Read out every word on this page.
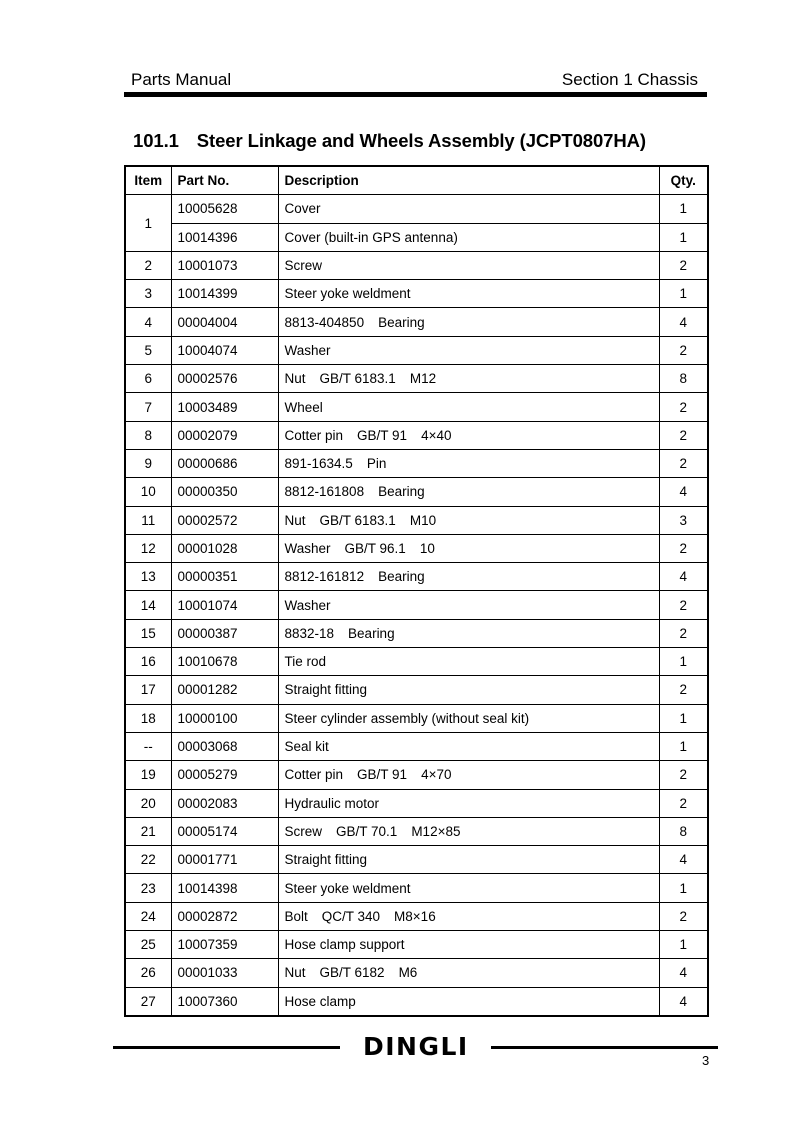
Parts Manual	Section 1 Chassis
101.1 Steer Linkage and Wheels Assembly (JCPT0807HA)
Item	Part No.	Description	Qty.
1	10005628	Cover	1
	10014396	Cover (built-in GPS antenna)	1
2	10001073	Screw	2
3	10014399	Steer yoke weldment	1
4	00004004	8813-404850 Bearing	4
5	10004074	Washer	2
6	00002576	Nut GB/T 6183.1 M12	8
7	10003489	Wheel	2
8	00002079	Cotter pin GB/T 91 4×40	2
9	00000686	891-1634.5 Pin	2
10	00000350	8812-161808 Bearing	4
11	00002572	Nut GB/T 6183.1 M10	3
12	00001028	Washer GB/T 96.1 10	2
13	00000351	8812-161812 Bearing	4
14	10001074	Washer	2
15	00000387	8832-18 Bearing	2
16	10010678	Tie rod	1
17	00001282	Straight fitting	2
18	10000100	Steer cylinder assembly (without seal kit)	1
--	00003068	Seal kit	1
19	00005279	Cotter pin GB/T 91 4×70	2
20	00002083	Hydraulic motor	2
21	00005174	Screw GB/T 70.1 M12×85	8
22	00001771	Straight fitting	4
23	10014398	Steer yoke weldment	1
24	00002872	Bolt QC/T 340 M8×16	2
25	10007359	Hose clamp support	1
26	00001033	Nut GB/T 6182 M6	4
27	10007360	Hose clamp	4
DINGLI	3
